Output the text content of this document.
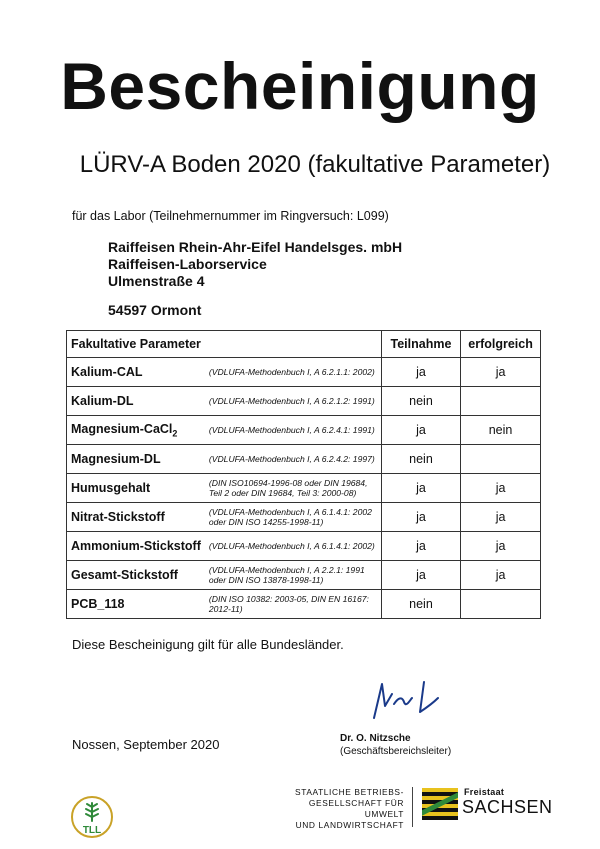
Bescheinigung
LÜRV-A Boden 2020 (fakultative Parameter)
für das Labor (Teilnehmernummer im Ringversuch: L099)
Raiffeisen Rhein-Ahr-Eifel Handelsges. mbH
Raiffeisen-Laborservice
Ulmenstraße 4
54597 Ormont
Fakultative Parameter		Teilnahme	erfolgreich
Kalium-CAL	(VDLUFA-Methodenbuch I, A 6.2.1.1: 2002)	ja	ja
Kalium-DL	(VDLUFA-Methodenbuch I, A 6.2.1.2: 1991)	nein	
Magnesium-CaCl$_2$	(VDLUFA-Methodenbuch I, A 6.2.4.1: 1991)	ja	nein
Magnesium-DL	(VDLUFA-Methodenbuch I, A 6.2.4.2: 1997)	nein	
Humusgehalt	(DIN ISO10694-1996-08 oder DIN 19684, Teil 2 oder DIN 19684, Teil 3: 2000-08)	ja	ja
Nitrat-Stickstoff	(VDLUFA-Methodenbuch I, A 6.1.4.1: 2002 oder DIN ISO 14255-1998-11)	ja	ja
Ammonium-Stickstoff	(VDLUFA-Methodenbuch I, A 6.1.4.1: 2002)	ja	ja
Gesamt-Stickstoff	(VDLUFA-Methodenbuch I, A 2.2.1: 1991 oder DIN ISO 13878-1998-11)	ja	ja
PCB_118	(DIN ISO 10382: 2003-05, DIN EN 16167: 2012-11)	nein	
Diese Bescheinigung gilt für alle Bundesländer.
Nossen, September 2020	Dr. O. Nitzsche
(Geschäftsbereichsleiter)
TLL
STAATLICHE BETRIEBS-
GESELLSCHAFT FÜR UMWELT
UND LANDWIRTSCHAFT
Freistaat
SACHSEN
